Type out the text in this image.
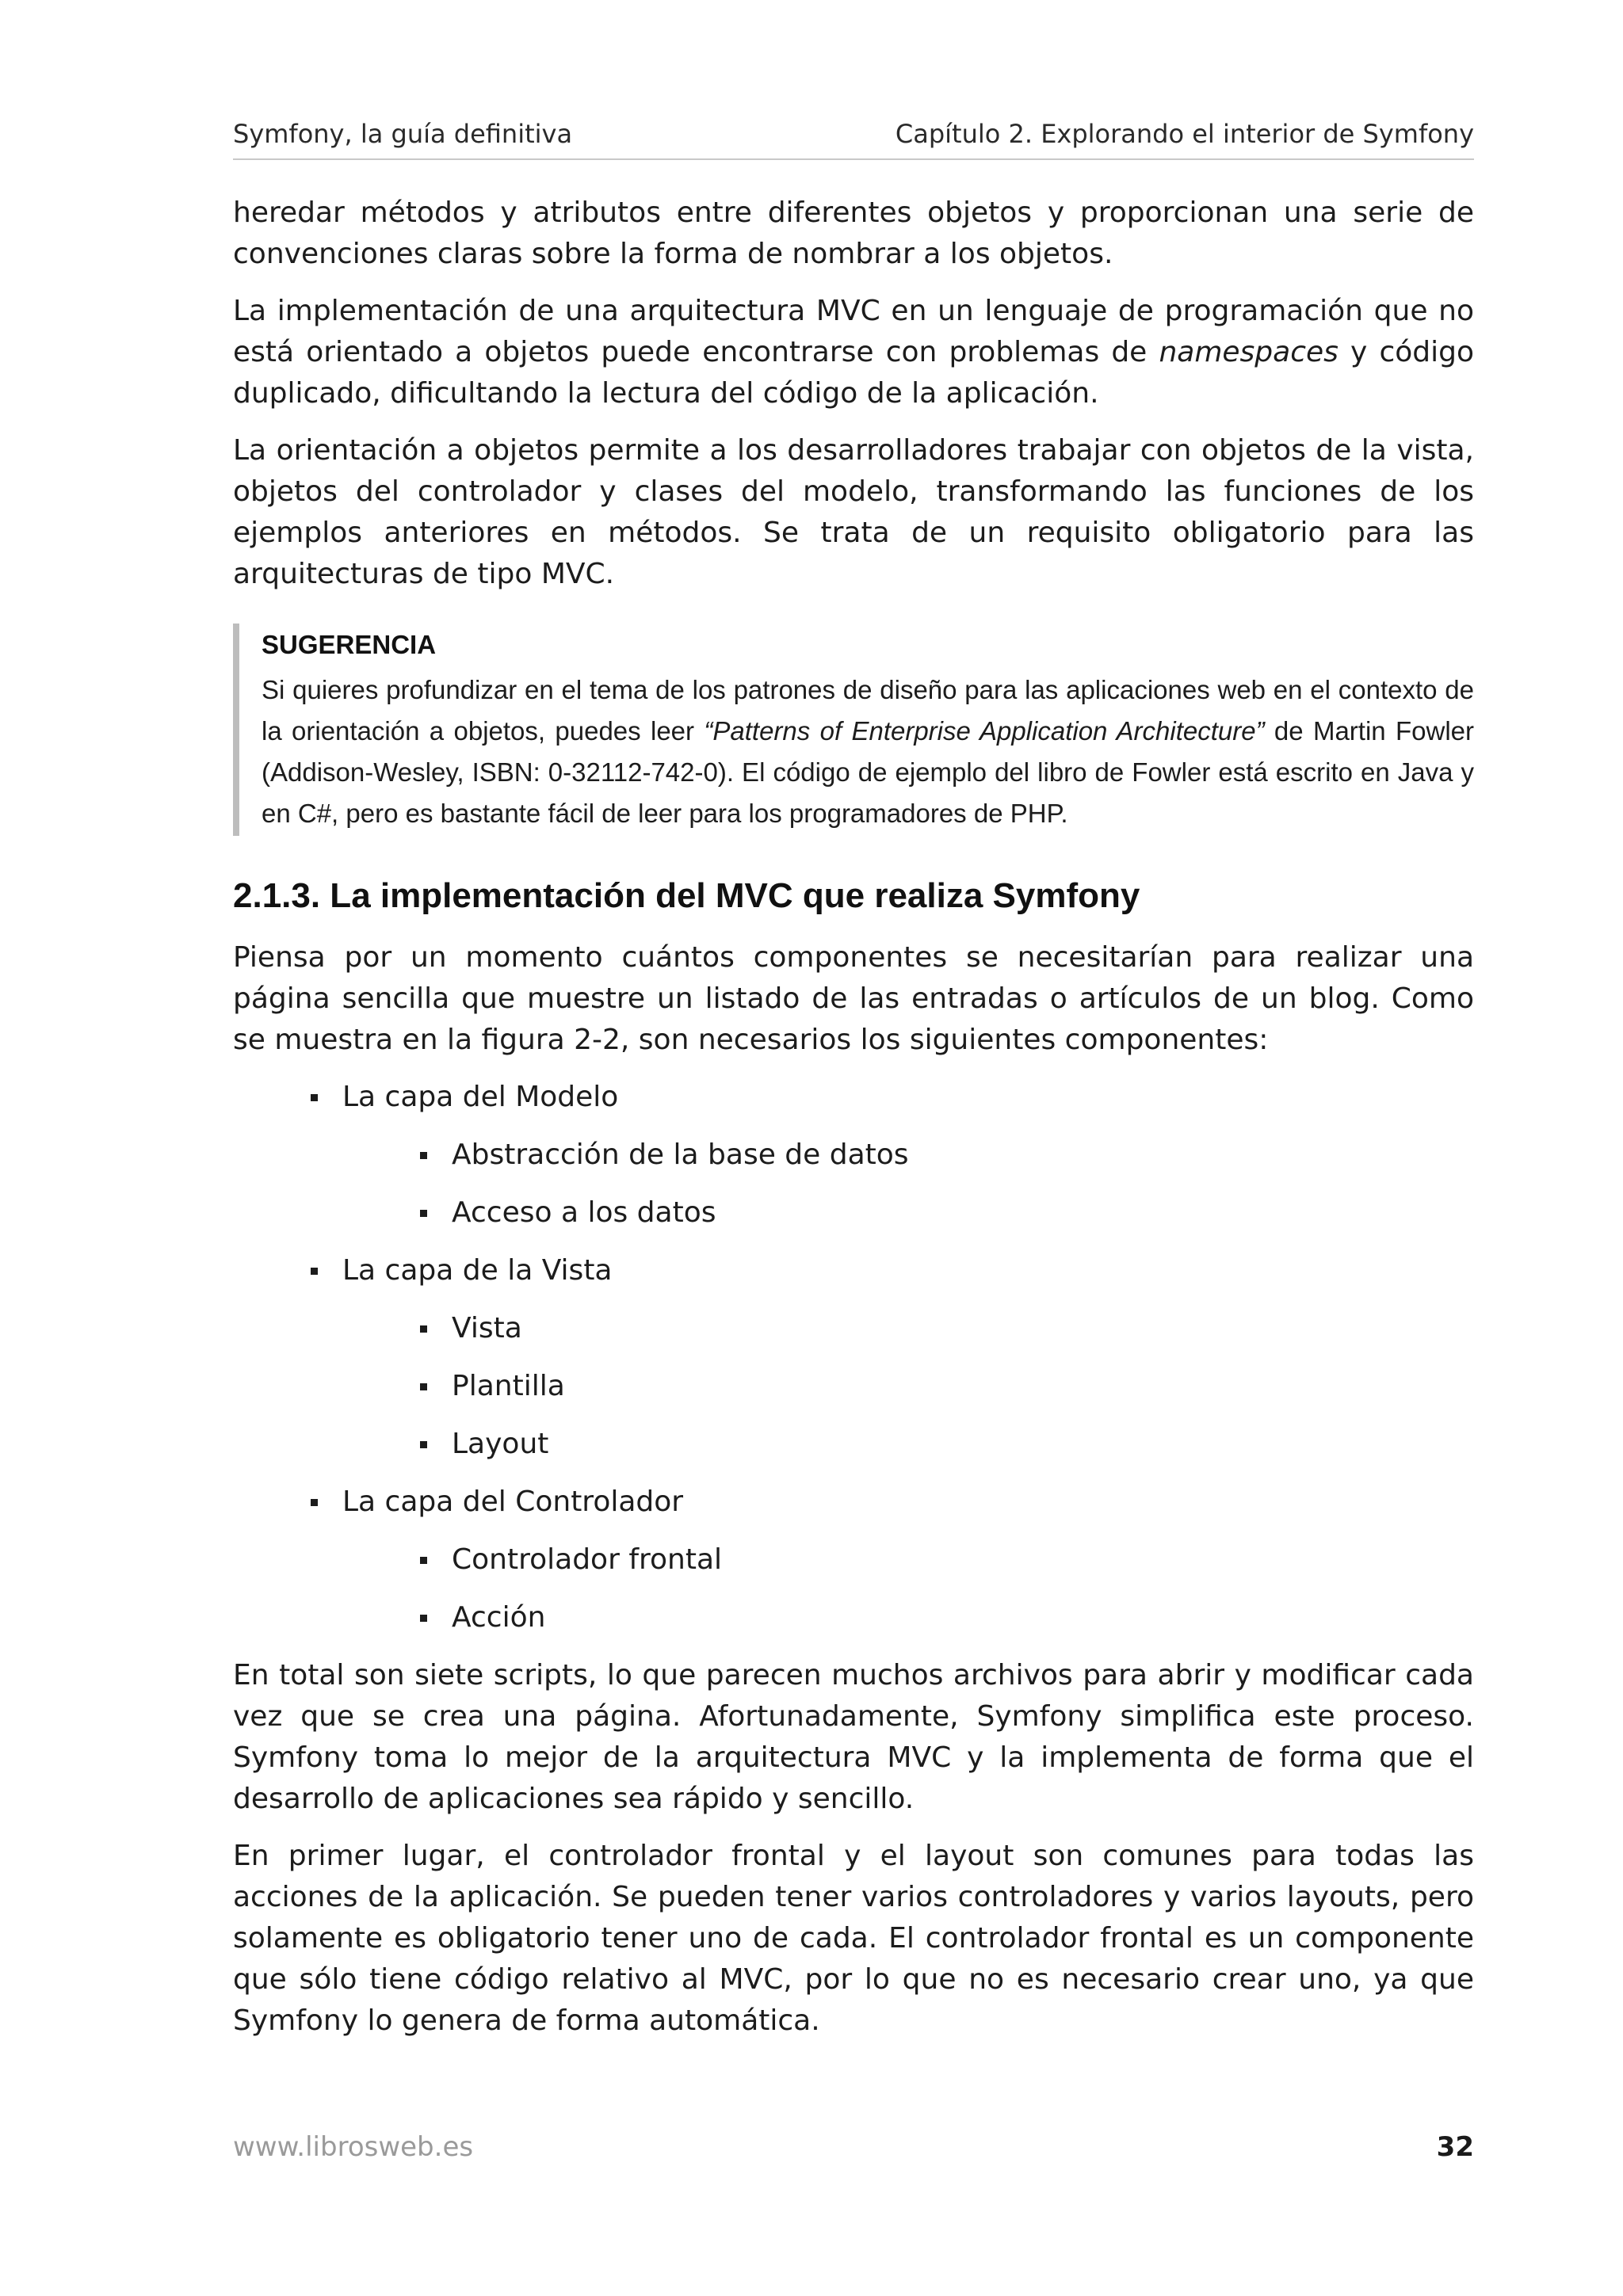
Symfony, la guía definitiva	Capítulo 2. Explorando el interior de Symfony

heredar métodos y atributos entre diferentes objetos y proporcionan una serie de convenciones claras sobre la forma de nombrar a los objetos.

La implementación de una arquitectura MVC en un lenguaje de programación que no está orientado a objetos puede encontrarse con problemas de namespaces y código duplicado, dificultando la lectura del código de la aplicación.

La orientación a objetos permite a los desarrolladores trabajar con objetos de la vista, objetos del controlador y clases del modelo, transformando las funciones de los ejemplos anteriores en métodos. Se trata de un requisito obligatorio para las arquitecturas de tipo MVC.

SUGERENCIA

Si quieres profundizar en el tema de los patrones de diseño para las aplicaciones web en el contexto de la orientación a objetos, puedes leer “Patterns of Enterprise Application Architecture” de Martin Fowler (Addison-Wesley, ISBN: 0-32112-742-0). El código de ejemplo del libro de Fowler está escrito en Java y en C#, pero es bastante fácil de leer para los programadores de PHP.

2.1.3. La implementación del MVC que realiza Symfony

Piensa por un momento cuántos componentes se necesitarían para realizar una página sencilla que muestre un listado de las entradas o artículos de un blog. Como se muestra en la figura 2-2, son necesarios los siguientes componentes:

La capa del Modelo
Abstracción de la base de datos
Acceso a los datos
La capa de la Vista
Vista
Plantilla
Layout
La capa del Controlador
Controlador frontal
Acción

En total son siete scripts, lo que parecen muchos archivos para abrir y modificar cada vez que se crea una página. Afortunadamente, Symfony simplifica este proceso. Symfony toma lo mejor de la arquitectura MVC y la implementa de forma que el desarrollo de aplicaciones sea rápido y sencillo.

En primer lugar, el controlador frontal y el layout son comunes para todas las acciones de la aplicación. Se pueden tener varios controladores y varios layouts, pero solamente es obligatorio tener uno de cada. El controlador frontal es un componente que sólo tiene código relativo al MVC, por lo que no es necesario crear uno, ya que Symfony lo genera de forma automática.

www.librosweb.es	32
